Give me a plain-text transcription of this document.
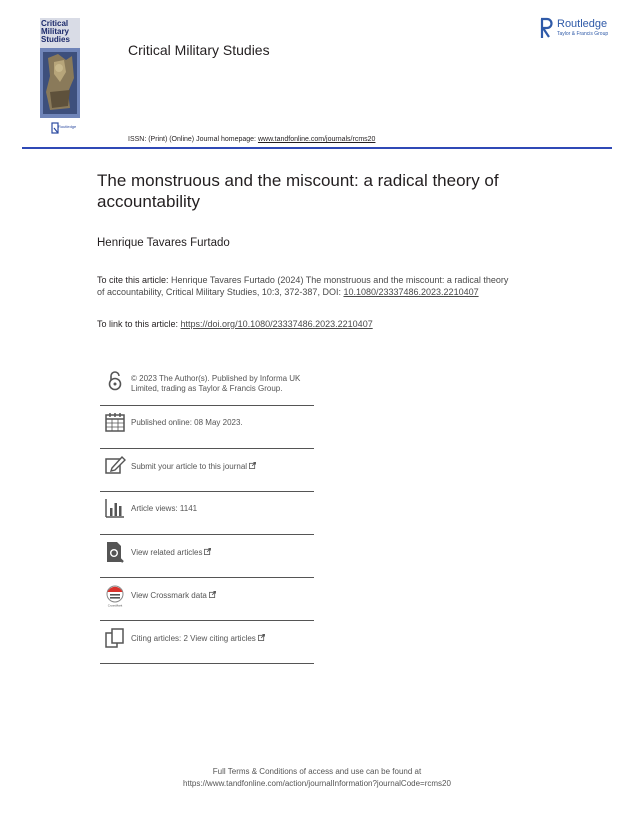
Critical
Military
Studies
Routledge
Critical Military Studies
Routledge
Taylor & Francis Group
ISSN: (Print) (Online) Journal homepage: www.tandfonline.com/journals/rcms20
The monstruous and the miscount: a radical theory of accountability
Henrique Tavares Furtado
To cite this article: Henrique Tavares Furtado (2024) The monstruous and the miscount: a radical theory of accountability, Critical Military Studies, 10:3, 372-387, DOI: 10.1080/23337486.2023.2210407
To link to this article: https://doi.org/10.1080/23337486.2023.2210407
© 2023 The Author(s). Published by Informa UK Limited, trading as Taylor & Francis Group.
Published online: 08 May 2023.
Submit your article to this journal
Article views: 1141
View related articles
CrossMark
View Crossmark data
Citing articles: 2 View citing articles
Full Terms & Conditions of access and use can be found at
https://www.tandfonline.com/action/journalInformation?journalCode=rcms20
